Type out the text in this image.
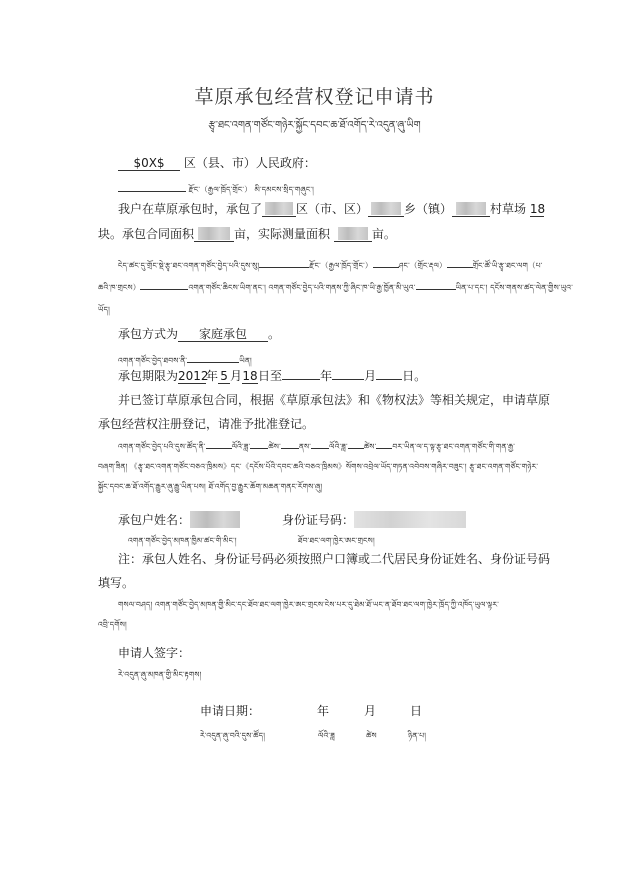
草原承包经营权登记申请书
རྩྭ་ཐང་འགན་གཙོང་གཉེར་སྐྱོང་དབང་ཆ་ཐོ་འགོད་རེ་འདུན་ཞུ་ཡིག
$0X$ 区（县、市）人民政府：
རྫོང་（རྒྱལ་ཁྲོད་གྲོང་） མི་དམངས་སྲིད་གཞུང་།
我户在草原承包时，承包了	区（市、区）	乡（镇）	村草场 18
块。承包合同面积	亩，实际测量面积	亩。
ངེད་ཚང་དུ་གྲོང་སྡེ་རྩྭ་ཐང་འགན་གཙོང་བྱེད་པའི་དུས་སུ།	རྫོང་（རྒྱལ་ཁྲོད་གྲོང་）	ཤང་（གྲོང་རྡལ）	གྲོང་ཚོ་ཡི་རྩྭ་ཐང་ལག（པ་
ཆའི་ཁ་གྲངས）	འགན་གཙོང་ཆིངས་ཡིག་ནང་། འགན་གཙོང་བྱེད་པའི་གནས་ཀྱི་ཞིང་ཁ་ཡི་རྒྱ་ཁྱོན་མི་ཡུའ་	ཡིན་པ་དང་། དངོས་གནས་ཚད་ལེན་གྱིས་ཡུའ་
ཡོད།
承包方式为 家庭承包 。
འགན་གཙོང་བྱེད་ཐབས་ནི་	ཡིན།
承包期限为2012年 5 月18日至	年	月 日。
并已签订草原承包合同，根据《草原承包法》和《物权法》等相关规定，申请草原
承包经营权注册登记，请准予批准登记。
འགན་གཙོང་བྱེད་པའི་དུས་ཚོད་ནི་	ལོའི་ཟླ་ ཚེས་ ནས་ ལོའི་ཟླ་ ཚེས་ བར་ཡིན་ལ་ད་ལྟ་རྩྭ་ཐང་འགན་གཙོང་གི་གན་རྒྱ་
བཞག་ཟིན། 《རྩྭ་ཐང་འགན་གཙོང་བཅའ་ཁྲིམས》དང་《དངོས་པོའི་དབང་ཆའི་བཅའ་ཁྲིམས》སོགས་འབྲེལ་ཡོད་གཏན་འབེབས་གཞིར་བཟུང་། རྩྭ་ཐང་འགན་གཙོང་གཉེར་
སྐྱོང་དབང་ཆ་ཐོ་འགོད་རྒྱུར་ཞུ་རྒྱུ་ཡིན་པས། ཐོ་འགོད་བྱ་རྒྱུར་ཆོག་མཆན་གནང་རོགས་ཞུ།
承包户姓名：	身份证号码：
འགན་གཙོང་བྱེད་མཁན་ཁྱིམ་ཚང་གི་མིང་།	ཐོབ་ཐང་ལག་ཁྱེར་ཨང་གྲངས།
注：承包人姓名、身份证号码必须按照户口簿或二代居民身份证姓名、身份证号码
填写。
གསལ་བཤད། འགན་གཙོང་བྱེད་མཁན་གྱི་མིང་དང་ཐོབ་ཐང་ལག་ཁྱེར་ཨང་གྲངས་ངེས་པར་དུ་ཐེམ་ཐོ་ཡང་ན་ཐོབ་ཐང་ལག་ཁྱེར་ཁྲོད་ཀྱི་འཁོད་ཡུལ་ལྟར་
འབྲི་དགོས།
申请人签字：
རེ་འདུན་ཞུ་མཁན་གྱི་མིང་རྟགས།
申请日期：	年	月	日
རེ་འདུན་ཞུ་བའི་དུས་ཚོད།	ལོའི་ཟླ	ཚེས	ཉིན་པ།
